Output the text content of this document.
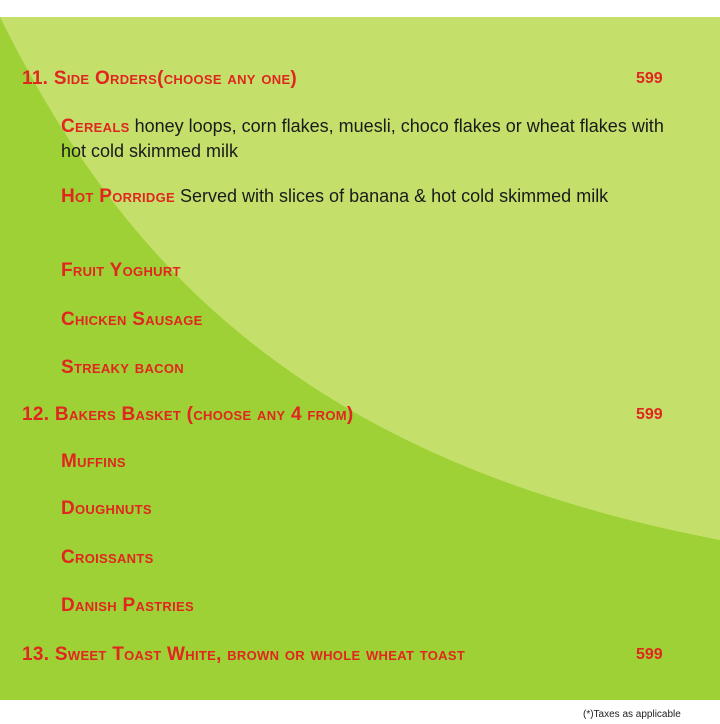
11. Side Orders(choose any one)	599
Cereals honey loops, corn flakes, muesli, choco flakes or wheat flakes with hot cold skimmed milk
Hot Porridge Served with slices of banana & hot cold skimmed milk
Fruit Yoghurt
Chicken Sausage
Streaky bacon
12. Bakers Basket (choose any 4 from)	599
Muffins
Doughnuts
Croissants
Danish Pastries
13. Sweet Toast White, brown or whole wheat toast	599
(*)Taxes as applicable
